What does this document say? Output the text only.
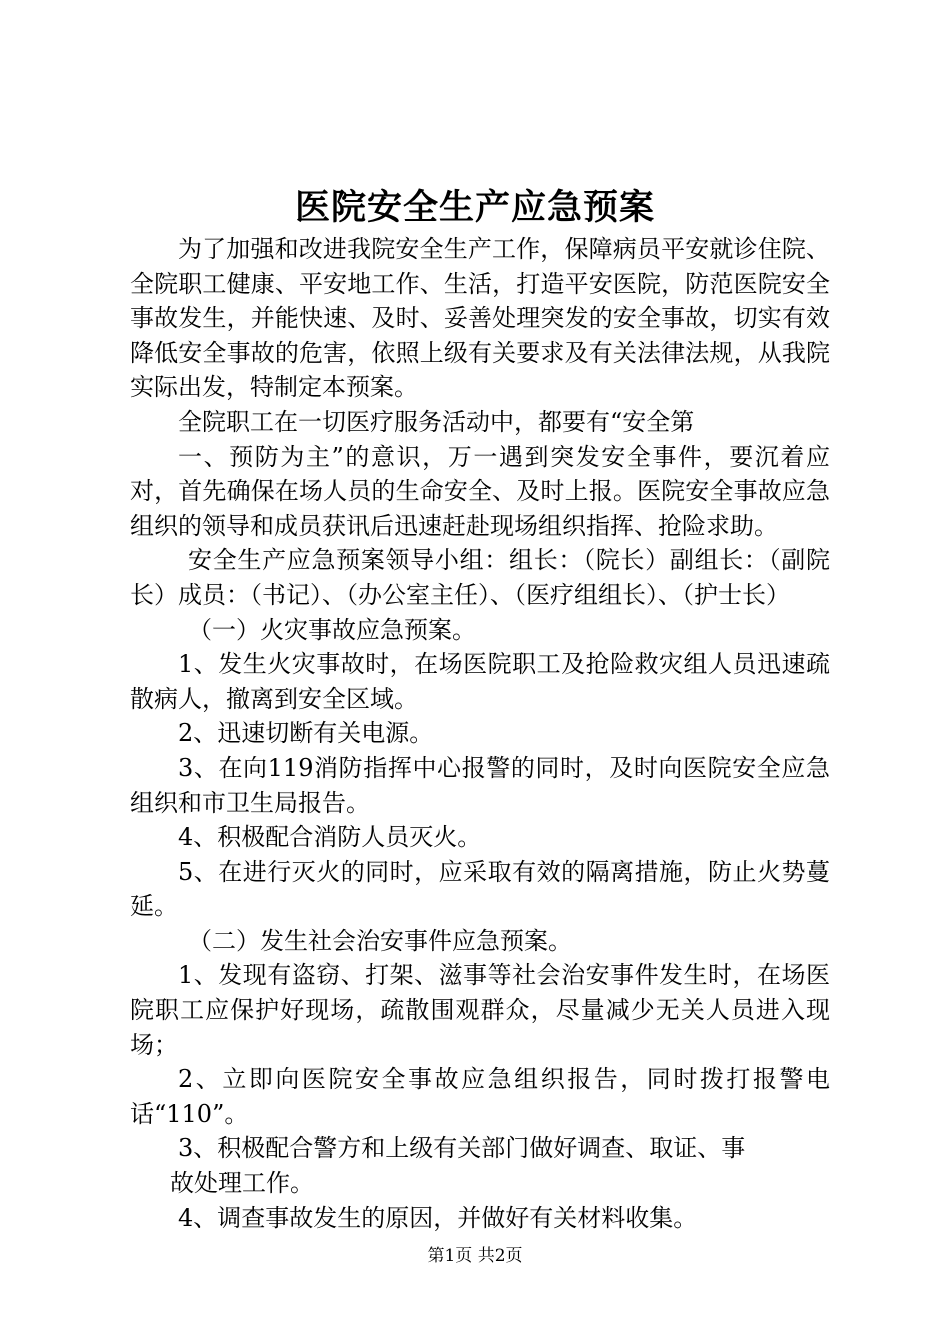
医院安全生产应急预案

为了加强和改进我院安全生产工作，保障病员平安就诊住院、全院职工健康、平安地工作、生活，打造平安医院，防范医院安全事故发生，并能快速、及时、妥善处理突发的安全事故，切实有效降低安全事故的危害，依照上级有关要求及有关法律法规，从我院实际出发，特制定本预案。

全院职工在一切医疗服务活动中，都要有“安全第

一、预防为主”的意识，万一遇到突发安全事件，要沉着应对，首先确保在场人员的生命安全、及时上报。医院安全事故应急组织的领导和成员获讯后迅速赶赴现场组织指挥、抢险求助。

安全生产应急预案领导小组：组长：（院长）副组长：（副院长）成员：（书记）、（办公室主任）、（医疗组组长）、（护士长）

（一）火灾事故应急预案。

1、发生火灾事故时，在场医院职工及抢险救灾组人员迅速疏散病人，撤离到安全区域。

2、迅速切断有关电源。

3、在向119消防指挥中心报警的同时，及时向医院安全应急组织和市卫生局报告。

4、积极配合消防人员灭火。

5、在进行灭火的同时，应采取有效的隔离措施，防止火势蔓延。

（二）发生社会治安事件应急预案。

1、发现有盗窃、打架、滋事等社会治安事件发生时，在场医院职工应保护好现场，疏散围观群众，尽量减少无关人员进入现场；

2、立即向医院安全事故应急组织报告，同时拨打报警电话“110”。

3、积极配合警方和上级有关部门做好调查、取证、事

故处理工作。

4、调查事故发生的原因，并做好有关材料收集。

第1页 共2页
